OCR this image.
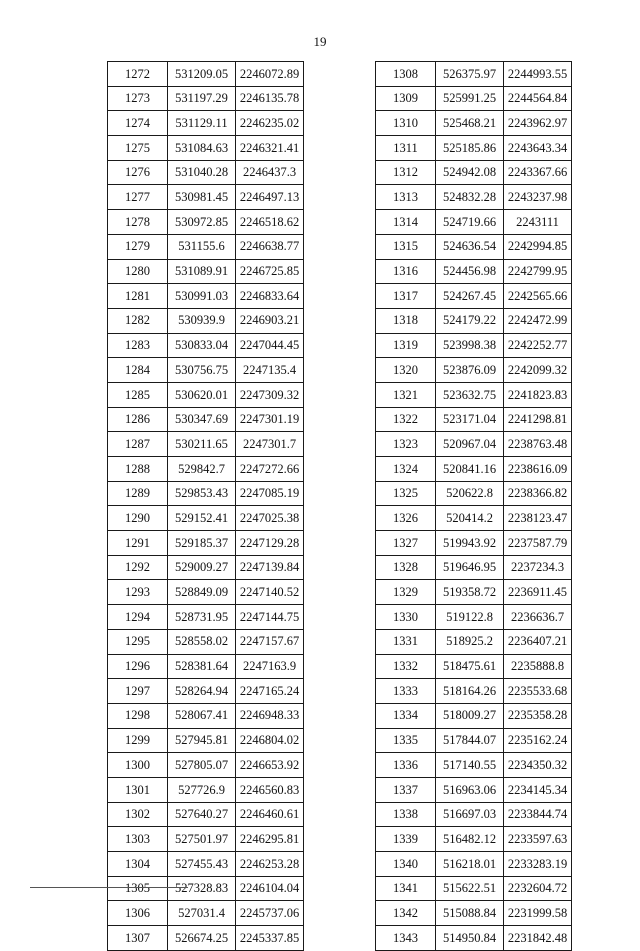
19
1272	531209.05	2246072.89
1273	531197.29	2246135.78
1274	531129.11	2246235.02
1275	531084.63	2246321.41
1276	531040.28	2246437.3
1277	530981.45	2246497.13
1278	530972.85	2246518.62
1279	531155.6	2246638.77
1280	531089.91	2246725.85
1281	530991.03	2246833.64
1282	530939.9	2246903.21
1283	530833.04	2247044.45
1284	530756.75	2247135.4
1285	530620.01	2247309.32
1286	530347.69	2247301.19
1287	530211.65	2247301.7
1288	529842.7	2247272.66
1289	529853.43	2247085.19
1290	529152.41	2247025.38
1291	529185.37	2247129.28
1292	529009.27	2247139.84
1293	528849.09	2247140.52
1294	528731.95	2247144.75
1295	528558.02	2247157.67
1296	528381.64	2247163.9
1297	528264.94	2247165.24
1298	528067.41	2246948.33
1299	527945.81	2246804.02
1300	527805.07	2246653.92
1301	527726.9	2246560.83
1302	527640.27	2246460.61
1303	527501.97	2246295.81
1304	527455.43	2246253.28
1305	527328.83	2246104.04
1306	527031.4	2245737.06
1307	526674.25	2245337.85
1308	526375.97	2244993.55
1309	525991.25	2244564.84
1310	525468.21	2243962.97
1311	525185.86	2243643.34
1312	524942.08	2243367.66
1313	524832.28	2243237.98
1314	524719.66	2243111
1315	524636.54	2242994.85
1316	524456.98	2242799.95
1317	524267.45	2242565.66
1318	524179.22	2242472.99
1319	523998.38	2242252.77
1320	523876.09	2242099.32
1321	523632.75	2241823.83
1322	523171.04	2241298.81
1323	520967.04	2238763.48
1324	520841.16	2238616.09
1325	520622.8	2238366.82
1326	520414.2	2238123.47
1327	519943.92	2237587.79
1328	519646.95	2237234.3
1329	519358.72	2236911.45
1330	519122.8	2236636.7
1331	518925.2	2236407.21
1332	518475.61	2235888.8
1333	518164.26	2235533.68
1334	518009.27	2235358.28
1335	517844.07	2235162.24
1336	517140.55	2234350.32
1337	516963.06	2234145.34
1338	516697.03	2233844.74
1339	516482.12	2233597.63
1340	516218.01	2233283.19
1341	515622.51	2232604.72
1342	515088.84	2231999.58
1343	514950.84	2231842.48
